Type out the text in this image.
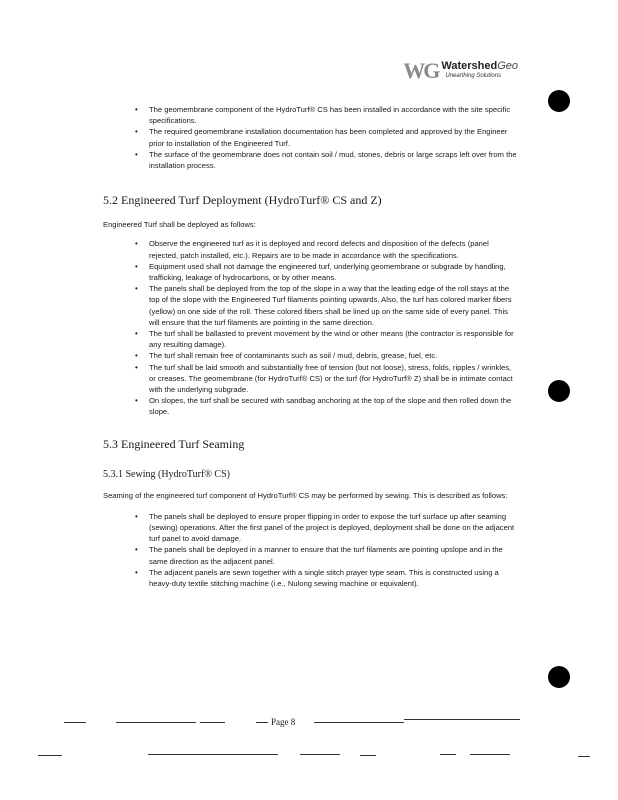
WG WatershedGeo
Unearthing Solutions
• The geomembrane component of the HydroTurf® CS has been installed in accordance with the site specific specifications.
• The required geomembrane installation documentation has been completed and approved by the Engineer prior to installation of the Engineered Turf.
• The surface of the geomembrane does not contain soil / mud, stones, debris or large scraps left over from the installation process.
5.2 Engineered Turf Deployment (HydroTurf® CS and Z)

Engineered Turf shall be deployed as follows:

• Observe the engineered turf as it is deployed and record defects and disposition of the defects (panel rejected, patch installed, etc.). Repairs are to be made in accordance with the specifications.
• Equipment used shall not damage the engineered turf, underlying geomembrane or subgrade by handling, trafficking, leakage of hydrocarbons, or by other means.
• The panels shall be deployed from the top of the slope in a way that the leading edge of the roll stays at the top of the slope with the Engineered Turf filaments pointing upwards. Also, the turf has colored marker fibers (yellow) on one side of the roll. These colored fibers shall be lined up on the same side of every panel. This will ensure that the turf filaments are pointing in the same direction.
• The turf shall be ballasted to prevent movement by the wind or other means (the contractor is responsible for any resulting damage).
• The turf shall remain free of contaminants such as soil / mud, debris, grease, fuel, etc.
• The turf shall be laid smooth and substantially free of tension (but not loose), stress, folds, ripples / wrinkles, or creases. The geomembrane (for HydroTurf® CS) or the turf (for HydroTurf® Z) shall be in intimate contact with the underlying subgrade.
• On slopes, the turf shall be secured with sandbag anchoring at the top of the slope and then rolled down the slope.
5.3 Engineered Turf Seaming
5.3.1 Sewing (HydroTurf® CS)

Seaming of the engineered turf component of HydroTurf® CS may be performed by sewing. This is described as follows:

• The panels shall be deployed to ensure proper flipping in order to expose the turf surface up after seaming (sewing) operations. After the first panel of the project is deployed, deployment shall be done on the adjacent turf panel to avoid damage.
• The panels shall be deployed in a manner to ensure that the turf filaments are pointing upslope and in the same direction as the adjacent panel.
• The adjacent panels are sewn together with a single stitch prayer type seam. This is constructed using a heavy-duty textile stitching machine (i.e., Nulong sewing machine or equivalent).
Page 8
